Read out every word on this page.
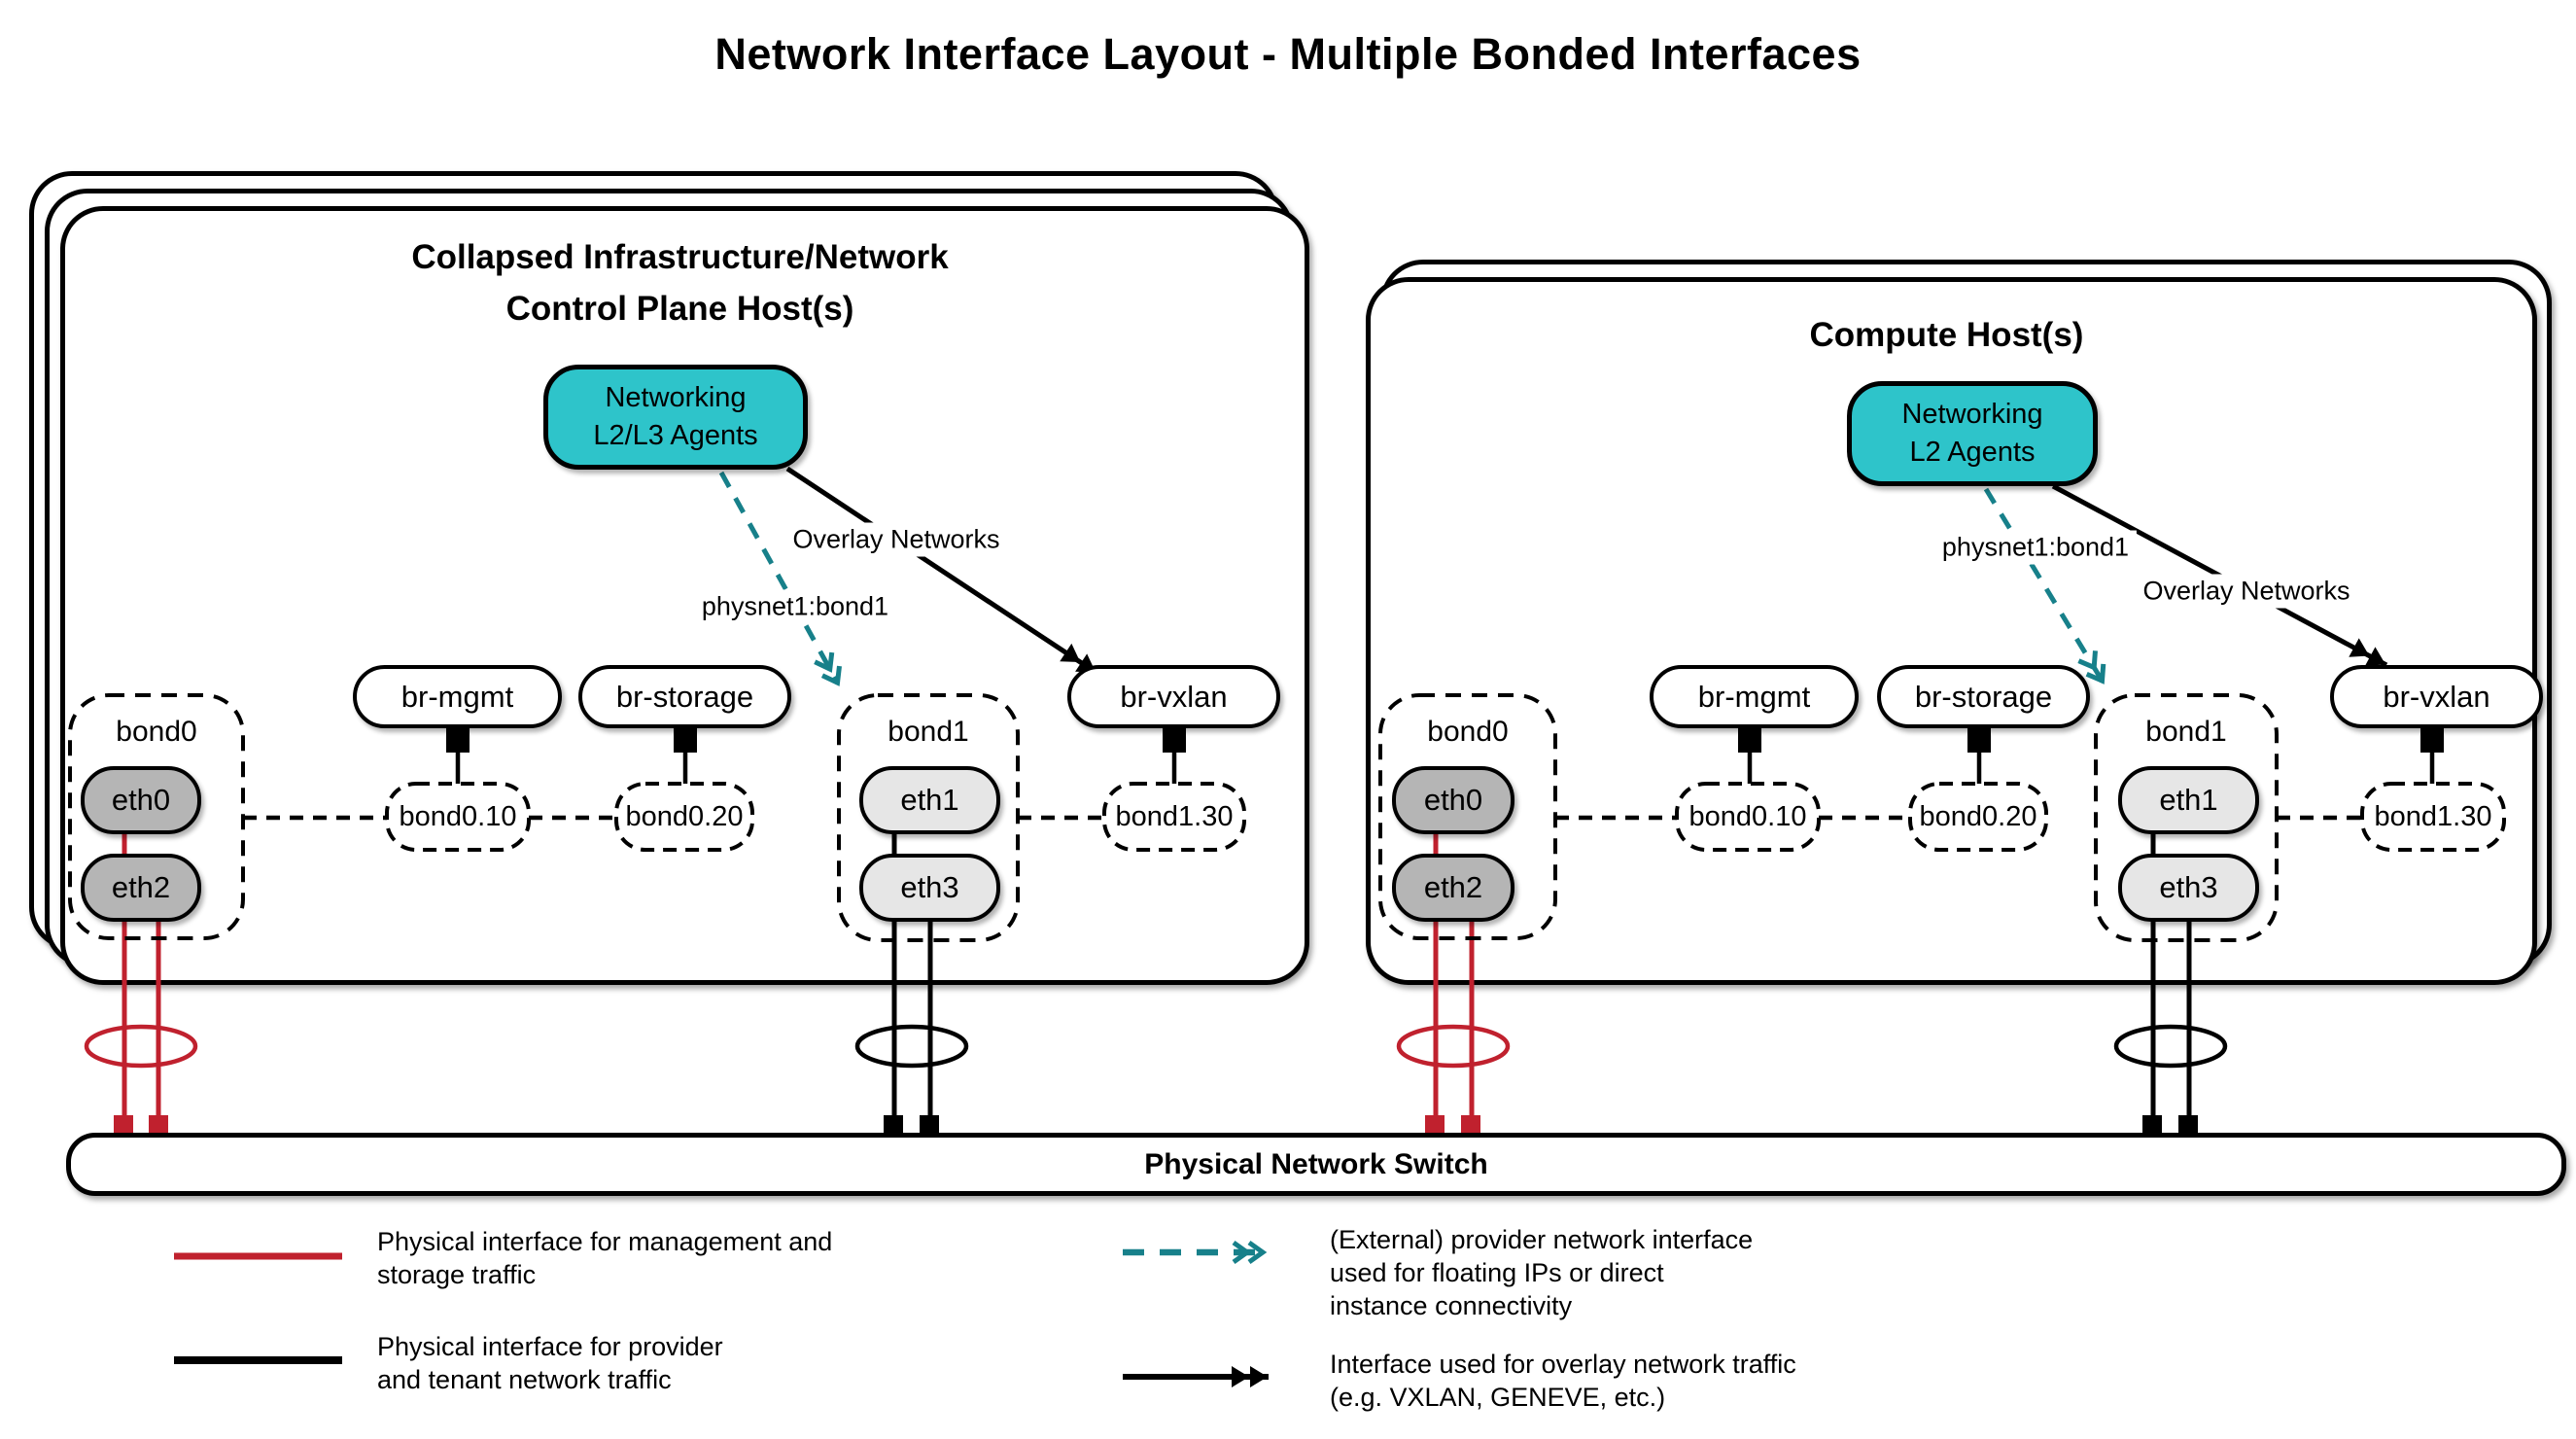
Network Interface Layout - Multiple Bonded Interfaces
Collapsed Infrastructure/Network
Control Plane Host(s)
Networking
L2/L3 Agents
Overlay Networks
physnet1:bond1
br-mgmt	br-storage	br-vxlan
bond0
eth0
eth2
bond1
eth1
eth3
bond0.10	bond0.20	bond1.30
Compute Host(s)
Networking
L2 Agents
physnet1:bond1
Overlay Networks
br-mgmt	br-storage	br-vxlan
bond0
eth0
eth2
bond1
eth1
eth3
bond0.10	bond0.20	bond1.30
Physical Network Switch
Physical interface for management and
storage traffic
Physical interface for provider
and tenant network traffic
(External) provider network interface
used for floating IPs or direct
instance connectivity
Interface used for overlay network traffic
(e.g. VXLAN, GENEVE, etc.)
